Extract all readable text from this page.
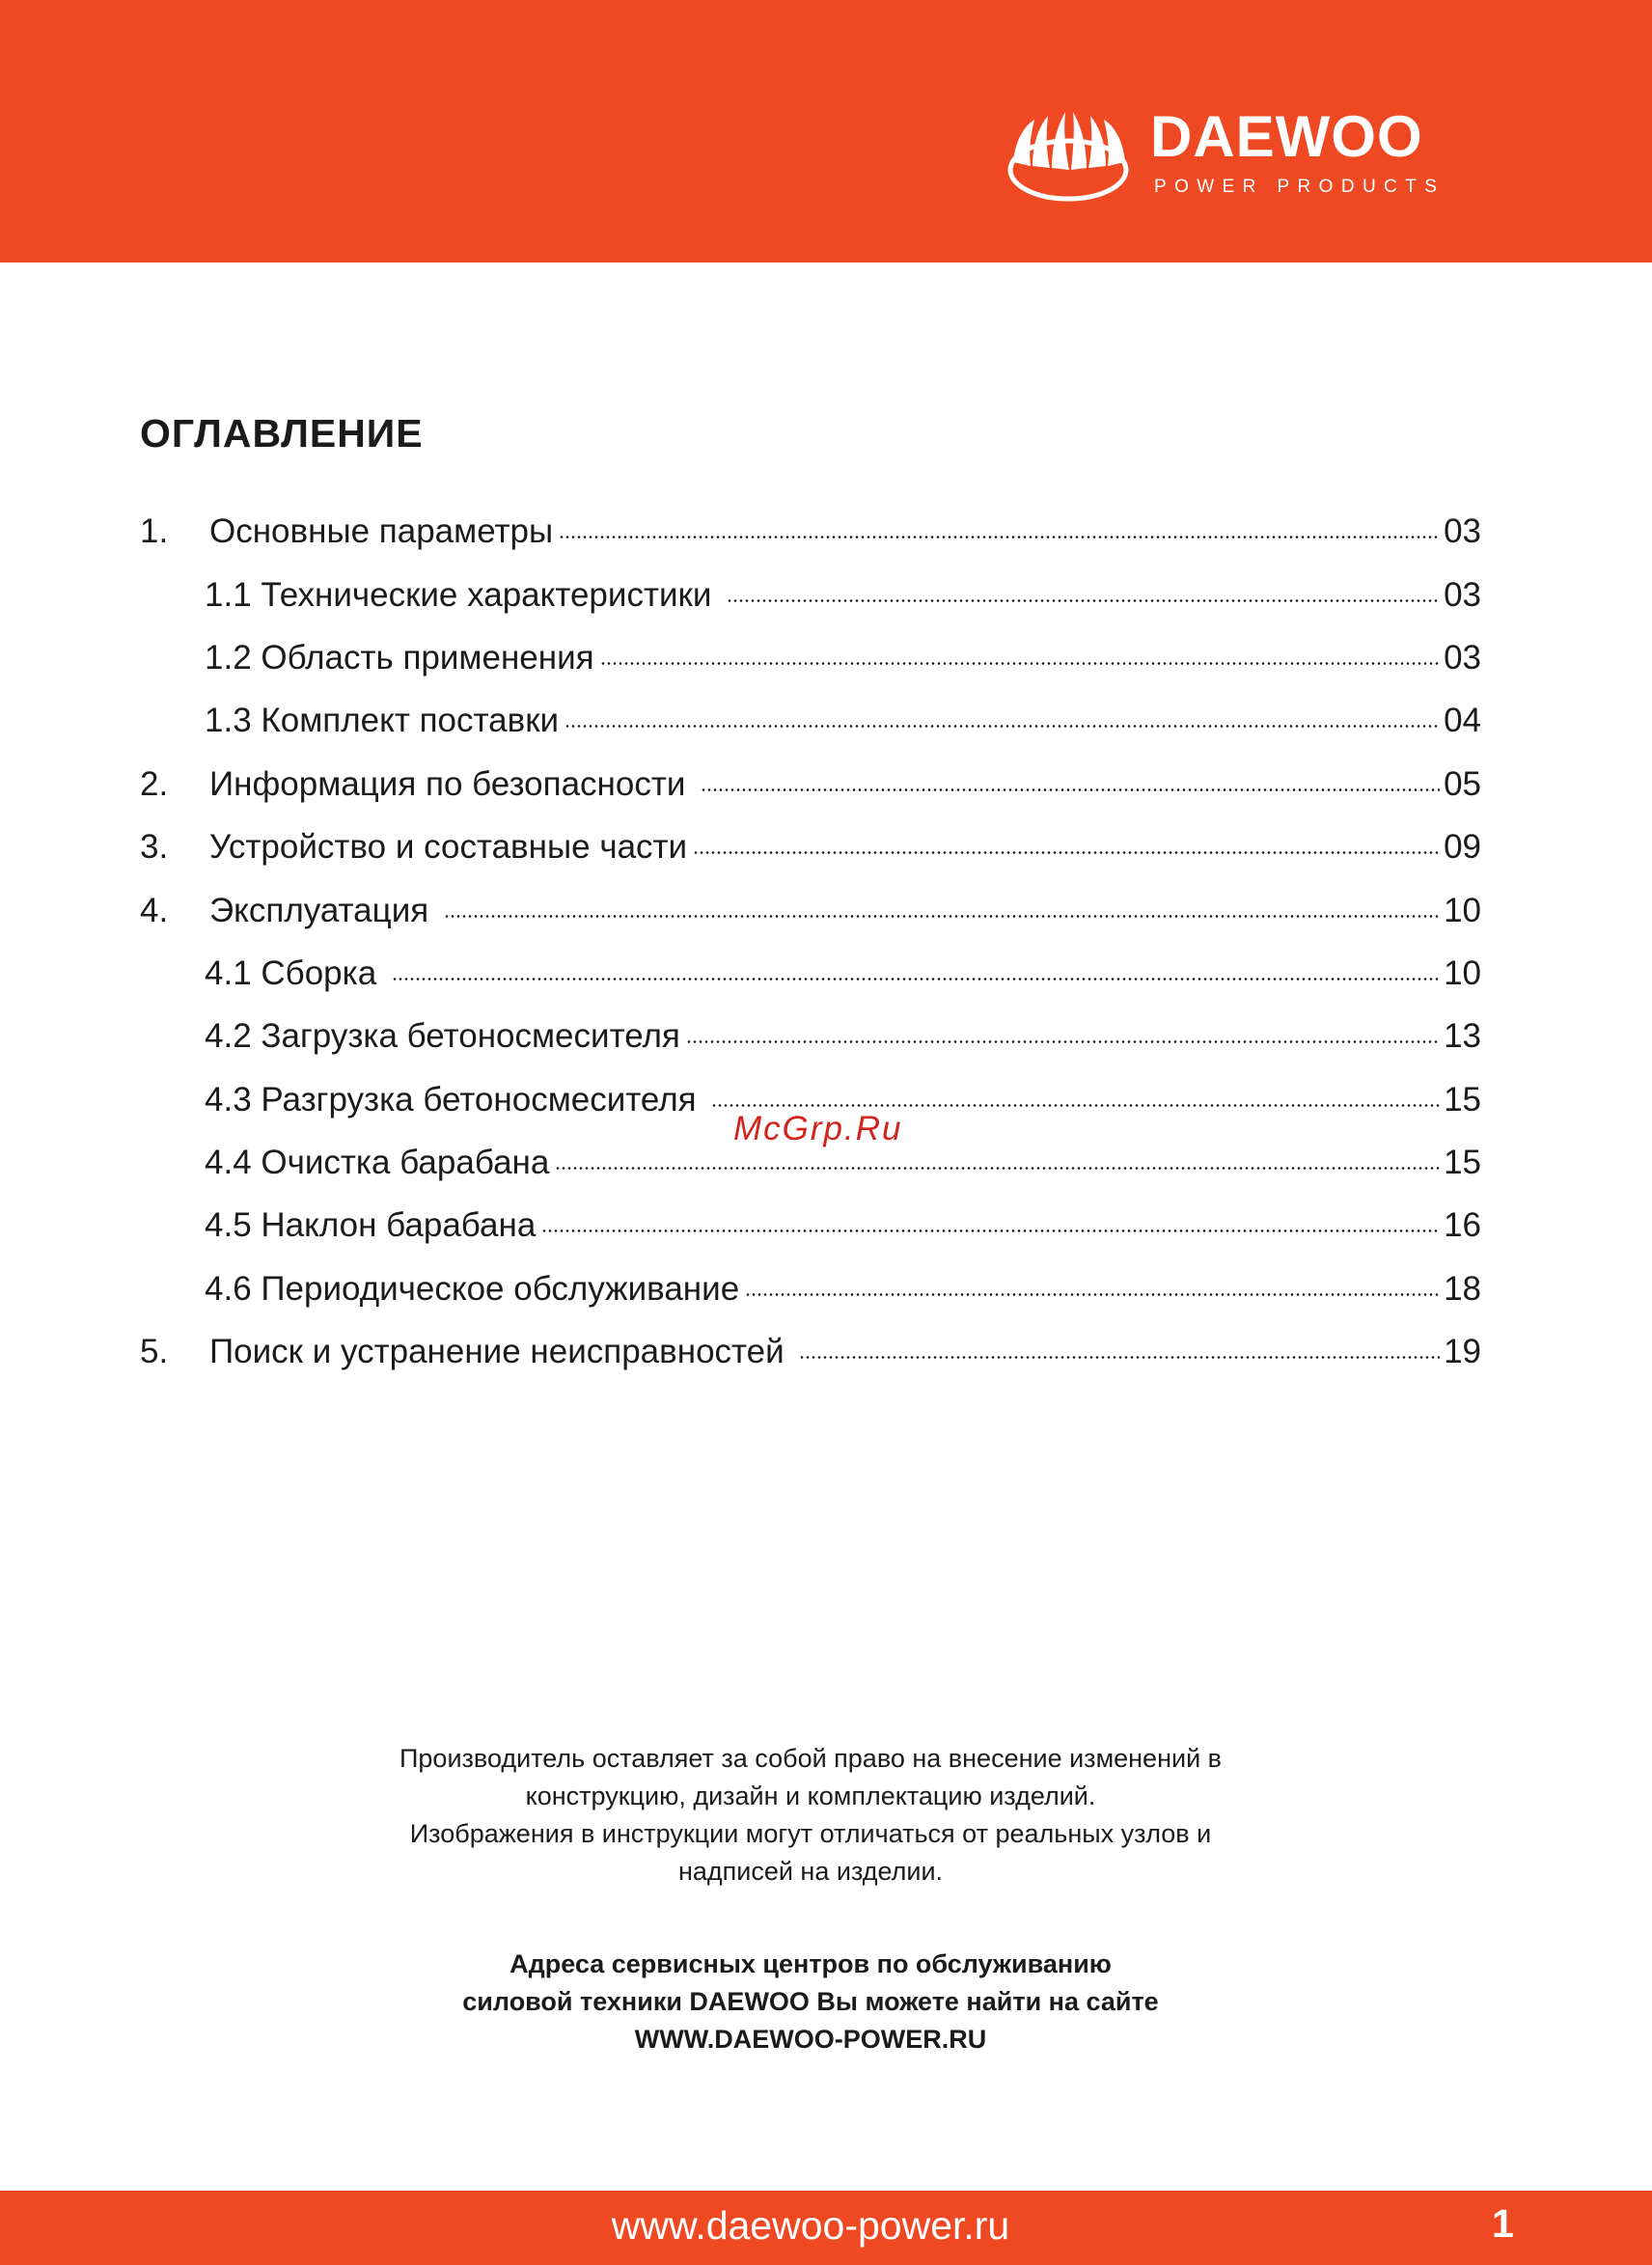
DAEWOO
POWER PRODUCTS
ОГЛАВЛЕНИЕ
1.	Основные параметры	03
1.1 Технические характеристики	03
1.2 Область применения	03
1.3 Комплект поставки	04
2.	Информация по безопасности	05
3.	Устройство и составные части	09
4.	Эксплуатация	10
4.1 Сборка	10
4.2 Загрузка бетоносмесителя	13
4.3 Разгрузка бетоносмесителя	15
4.4 Очистка барабана	15
4.5 Наклон барабана	16
4.6 Периодическое обслуживание	18
5.	Поиск и устранение неисправностей	19
McGrp.Ru
Производитель оставляет за собой право на внесение изменений в
конструкцию, дизайн и комплектацию изделий.
Изображения в инструкции могут отличаться от реальных узлов и
надписей на изделии.
Адреса сервисных центров по обслуживанию
силовой техники DAEWOO Вы можете найти на сайте
WWW.DAEWOO-POWER.RU
www.daewoo-power.ru	1
